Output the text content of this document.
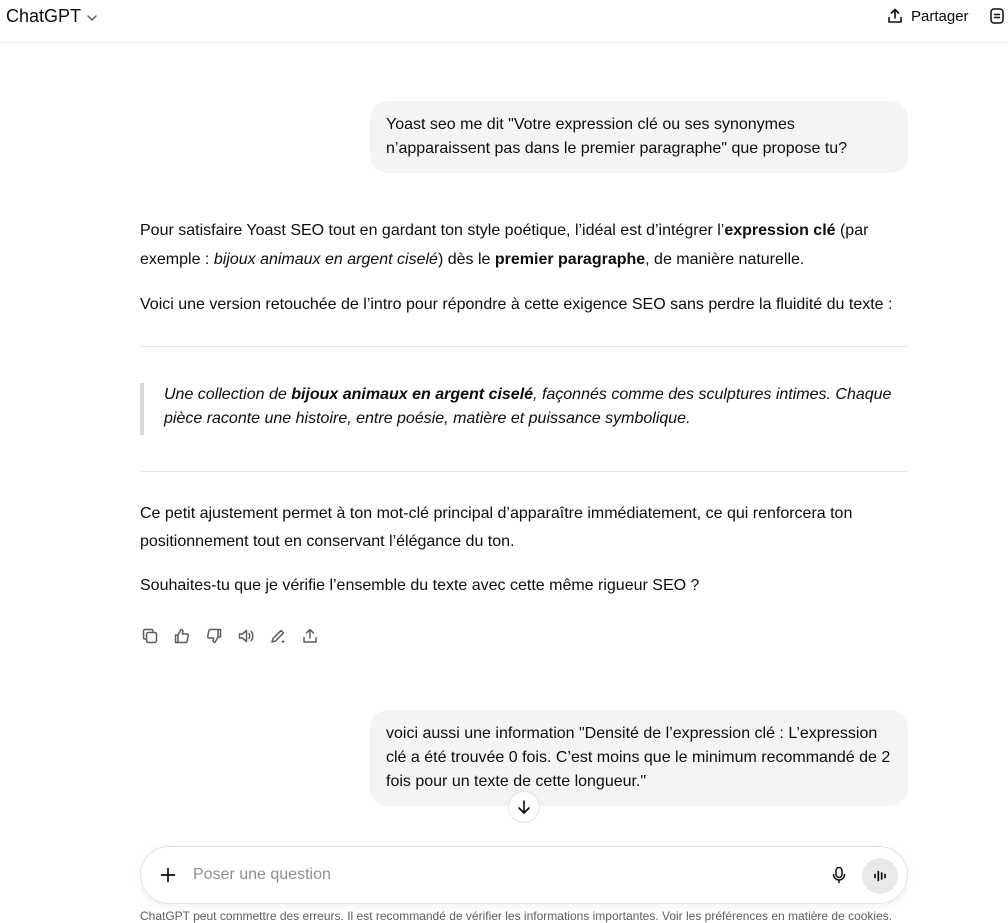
ChatGPT	Partager
Yoast seo me dit "Votre expression clé ou ses synonymes n’apparaissent pas dans le premier paragraphe" que propose tu?
Pour satisfaire Yoast SEO tout en gardant ton style poétique, l’idéal est d’intégrer l’expression clé (par exemple : bijoux animaux en argent ciselé) dès le premier paragraphe, de manière naturelle.
Voici une version retouchée de l’intro pour répondre à cette exigence SEO sans perdre la fluidité du texte :
Une collection de bijoux animaux en argent ciselé, façonnés comme des sculptures intimes. Chaque pièce raconte une histoire, entre poésie, matière et puissance symbolique.
Ce petit ajustement permet à ton mot-clé principal d’apparaître immédiatement, ce qui renforcera ton positionnement tout en conservant l’élégance du ton.
Souhaites-tu que je vérifie l’ensemble du texte avec cette même rigueur SEO ?
voici aussi une information "Densité de l’expression clé : L’expression clé a été trouvée 0 fois. C’est moins que le minimum recommandé de 2 fois pour un texte de cette longueur."
Poser une question
ChatGPT peut commettre des erreurs. Il est recommandé de vérifier les informations importantes. Voir les préférences en matière de cookies.
